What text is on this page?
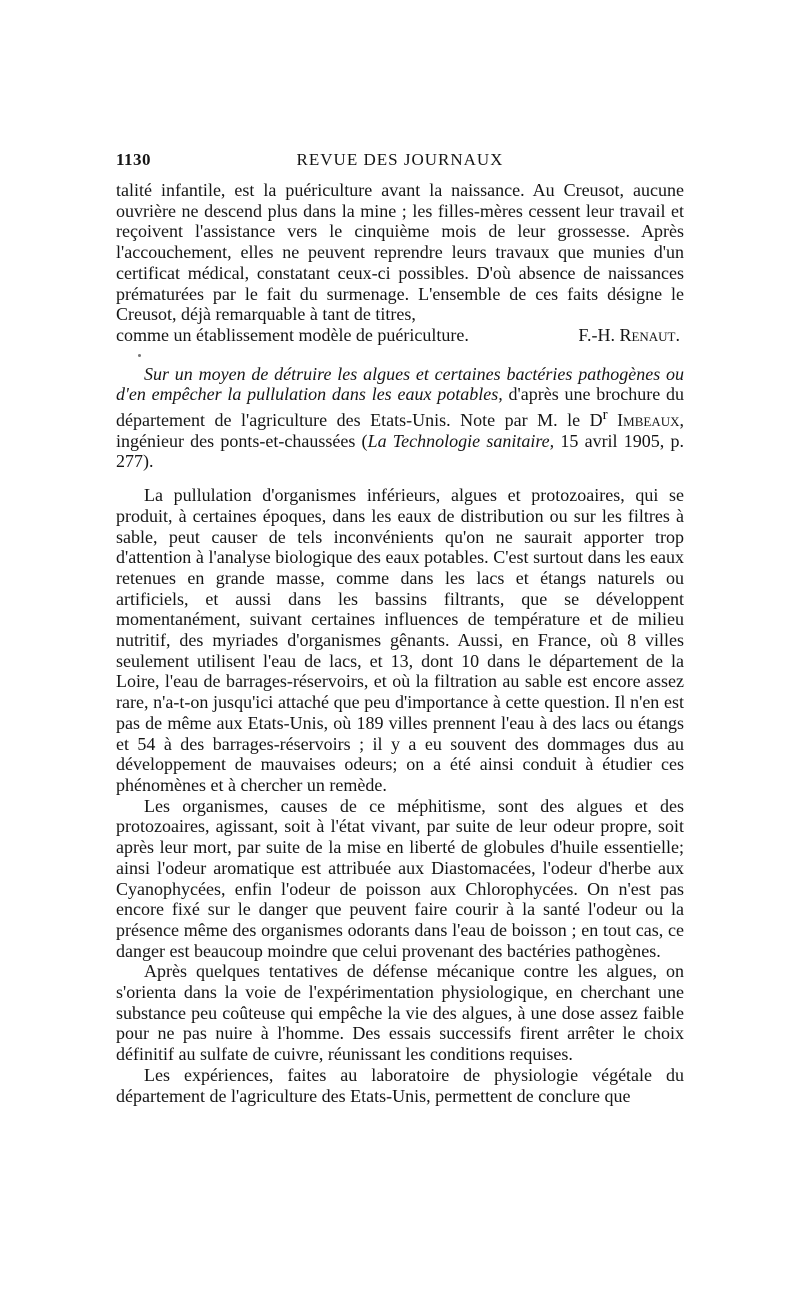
1130	REVUE DES JOURNAUX

talité infantile, est la puériculture avant la naissance. Au Creusot, aucune ouvrière ne descend plus dans la mine ; les filles-mères cessent leur travail et reçoivent l'assistance vers le cinquième mois de leur grossesse. Après l'accouchement, elles ne peuvent reprendre leurs travaux que munies d'un certificat médical, constatant ceux-ci possibles. D'où absence de naissances prématurées par le fait du surmenage. L'ensemble de ces faits désigne le Creusot, déjà remarquable à tant de titres,

comme un établissement modèle de puériculture.	F.-H. Renaut.

Sur un moyen de détruire les algues et certaines bactéries pathogènes ou d'en empêcher la pullulation dans les eaux potables, d'après une brochure du département de l'agriculture des Etats-Unis. Note par M. le $D^r$ Imbeaux, ingénieur des ponts-et-chaussées (La Technologie sanitaire, 15 avril 1905, p. 277).

La pullulation d'organismes inférieurs, algues et protozoaires, qui se produit, à certaines époques, dans les eaux de distribution ou sur les filtres à sable, peut causer de tels inconvénients qu'on ne saurait apporter trop d'attention à l'analyse biologique des eaux potables. C'est surtout dans les eaux retenues en grande masse, comme dans les lacs et étangs naturels ou artificiels, et aussi dans les bassins filtrants, que se développent momentanément, suivant certaines influences de température et de milieu nutritif, des myriades d'organismes gênants. Aussi, en France, où 8 villes seulement utilisent l'eau de lacs, et 13, dont 10 dans le département de la Loire, l'eau de barrages-réservoirs, et où la filtration au sable est encore assez rare, n'a-t-on jusqu'ici attaché que peu d'importance à cette question. Il n'en est pas de même aux Etats-Unis, où 189 villes prennent l'eau à des lacs ou étangs et 54 à des barrages-réservoirs ; il y a eu souvent des dommages dus au développement de mauvaises odeurs; on a été ainsi conduit à étudier ces phénomènes et à chercher un remède.

Les organismes, causes de ce méphitisme, sont des algues et des protozoaires, agissant, soit à l'état vivant, par suite de leur odeur propre, soit après leur mort, par suite de la mise en liberté de globules d'huile essentielle; ainsi l'odeur aromatique est attribuée aux Diastomacées, l'odeur d'herbe aux Cyanophycées, enfin l'odeur de poisson aux Chlorophycées. On n'est pas encore fixé sur le danger que peuvent faire courir à la santé l'odeur ou la présence même des organismes odorants dans l'eau de boisson ; en tout cas, ce danger est beaucoup moindre que celui provenant des bactéries pathogènes.

Après quelques tentatives de défense mécanique contre les algues, on s'orienta dans la voie de l'expérimentation physiologique, en cherchant une substance peu coûteuse qui empêche la vie des algues, à une dose assez faible pour ne pas nuire à l'homme. Des essais successifs firent arrêter le choix définitif au sulfate de cuivre, réunissant les conditions requises.

Les expériences, faites au laboratoire de physiologie végétale du département de l'agriculture des Etats-Unis, permettent de conclure que
